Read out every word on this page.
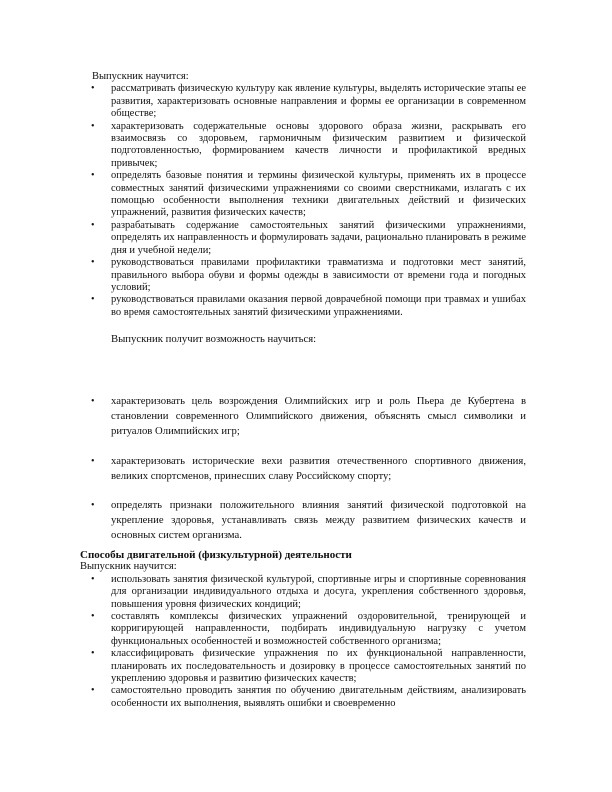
Выпускник научится:

• рассматривать физическую культуру как явление культуры, выделять исторические этапы ее развития, характеризовать основные направления и формы ее организации в современном обществе;
• характеризовать содержательные основы здорового образа жизни, раскрывать его взаимосвязь со здоровьем, гармоничным физическим развитием и физической подготовленностью, формированием качеств личности и профилактикой вредных привычек;
• определять базовые понятия и термины физической культуры, применять их в процессе совместных занятий физическими упражнениями со своими сверстниками, излагать с их помощью особенности выполнения техники двигательных действий и физических упражнений, развития физических качеств;
• разрабатывать содержание самостоятельных занятий физическими упражнениями, определять их направленность и формулировать задачи, рационально планировать в режиме дня и учебной недели;
• руководствоваться правилами профилактики травматизма и подготовки мест занятий, правильного выбора обуви и формы одежды в зависимости от времени года и погодных условий;
• руководствоваться правилами оказания первой доврачебной помощи при травмах и ушибах во время самостоятельных занятий физическими упражнениями.

Выпускник получит возможность научиться:

• характеризовать цель возрождения Олимпийских игр и роль Пьера де Кубертена в становлении современного Олимпийского движения, объяснять смысл символики и ритуалов Олимпийских игр;
• характеризовать исторические вехи развития отечественного спортивного движения, великих спортсменов, принесших славу Российскому спорту;
• определять признаки положительного влияния занятий физической подготовкой на укрепление здоровья, устанавливать связь между развитием физических качеств и основных систем организма.

Способы двигательной (физкультурной) деятельности

Выпускник научится:

• использовать занятия физической культурой, спортивные игры и спортивные соревнования для организации индивидуального отдыха и досуга, укрепления собственного здоровья, повышения уровня физических кондиций;
• составлять комплексы физических упражнений оздоровительной, тренирующей и корригирующей направленности, подбирать индивидуальную нагрузку с учетом функциональных особенностей и возможностей собственного организма;
• классифицировать физические упражнения по их функциональной направленности, планировать их последовательность и дозировку в процессе самостоятельных занятий по укреплению здоровья и развитию физических качеств;
• самостоятельно проводить занятия по обучению двигательным действиям, анализировать особенности их выполнения, выявлять ошибки и своевременно
